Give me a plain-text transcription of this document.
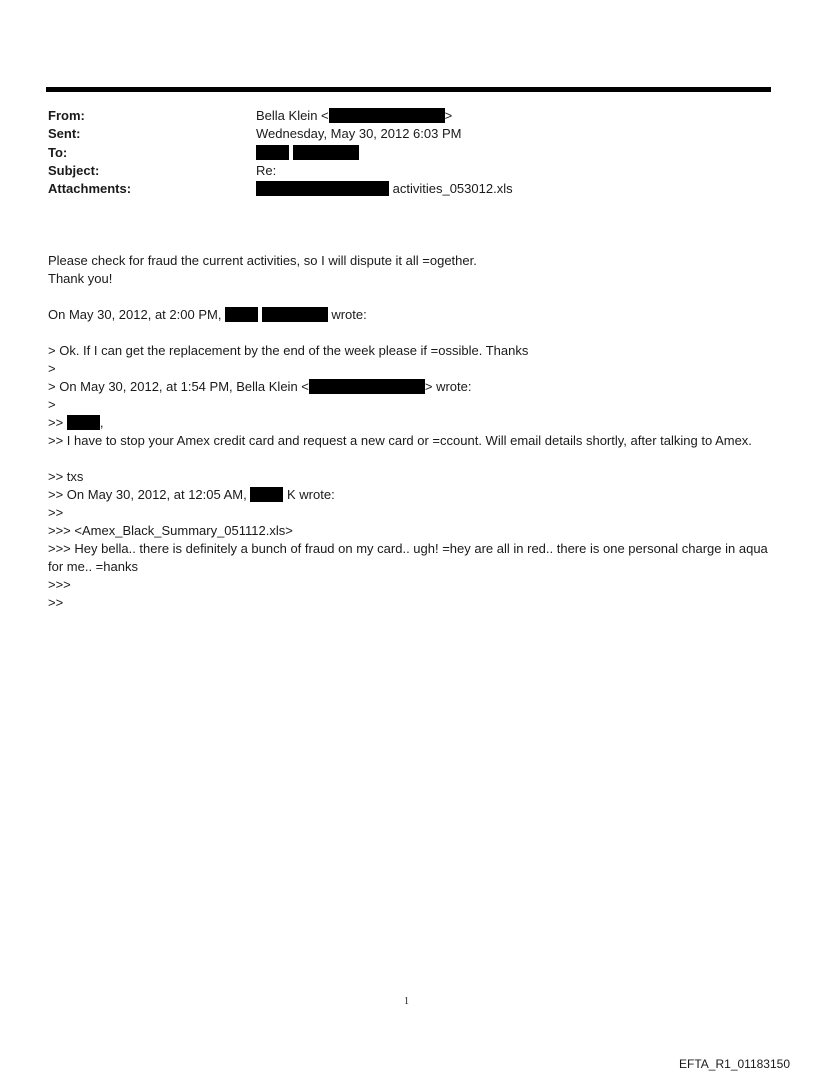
From:	Bella Klein <	>
Sent:	Wednesday, May 30, 2012 6:03 PM
To:

Subject:	Re:
Attachments:	activities_053012.xls
Please check for fraud the current activities, so I will dispute it all =ogether.
Thank you!
On May 30, 2012, at 2:00 PM,	wrote:
> Ok. If I can get the replacement by the end of the week please if =ossible. Thanks
>
> On May 30, 2012, at 1:54 PM, Bella Klein <	> wrote:
>
>>	,
>> I have to stop your Amex credit card and request a new card or =ccount. Will email details shortly, after talking to Amex.
>> txs
>> On May 30, 2012, at 12:05 AM,	K wrote:
>>
>>> <Amex_Black_Summary_051112.xls>
>>> Hey bella.. there is definitely a bunch of fraud on my card.. ugh! =hey are all in red.. there is one personal charge in aqua for me.. =hanks
>>>
>>
1
EFTA_R1_01183150
